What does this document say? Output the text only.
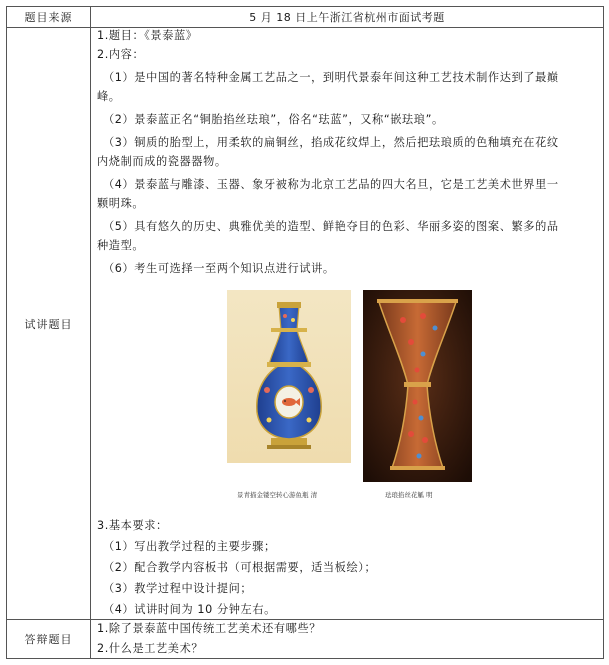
题目来源	5 月 18 日上午浙江省杭州市面试考题
试讲题目
1.题目：《景泰蓝》
2.内容：
（1）是中国的著名特种金属工艺品之一，到明代景泰年间这种工艺技术制作达到了最巅
峰。
（2）景泰蓝正名“铜胎掐丝珐琅”，俗名“珐蓝”，又称“嵌珐琅”。
（3）铜质的胎型上，用柔软的扁铜丝，掐成花纹焊上，然后把珐琅质的色釉填充在花纹
内烧制而成的瓷器器物。
（4）景泰蓝与雕漆、玉器、象牙被称为北京工艺品的四大名旦，它是工艺美术世界里一
颗明珠。
（5）具有悠久的历史、典雅优美的造型、鲜艳夺目的色彩、华丽多姿的图案、繁多的品
种造型。
（6）考生可选择一至两个知识点进行试讲。
景青描金镂空转心游鱼瓶 清	珐琅掐丝花觚 明
3.基本要求：
（1）写出教学过程的主要步骤；
（2）配合教学内容板书（可根据需要，适当板绘）；
（3）教学过程中设计提问；
（4）试讲时间为 10 分钟左右。
答辩题目
1.除了景泰蓝中国传统工艺美术还有哪些？
2.什么是工艺美术？
